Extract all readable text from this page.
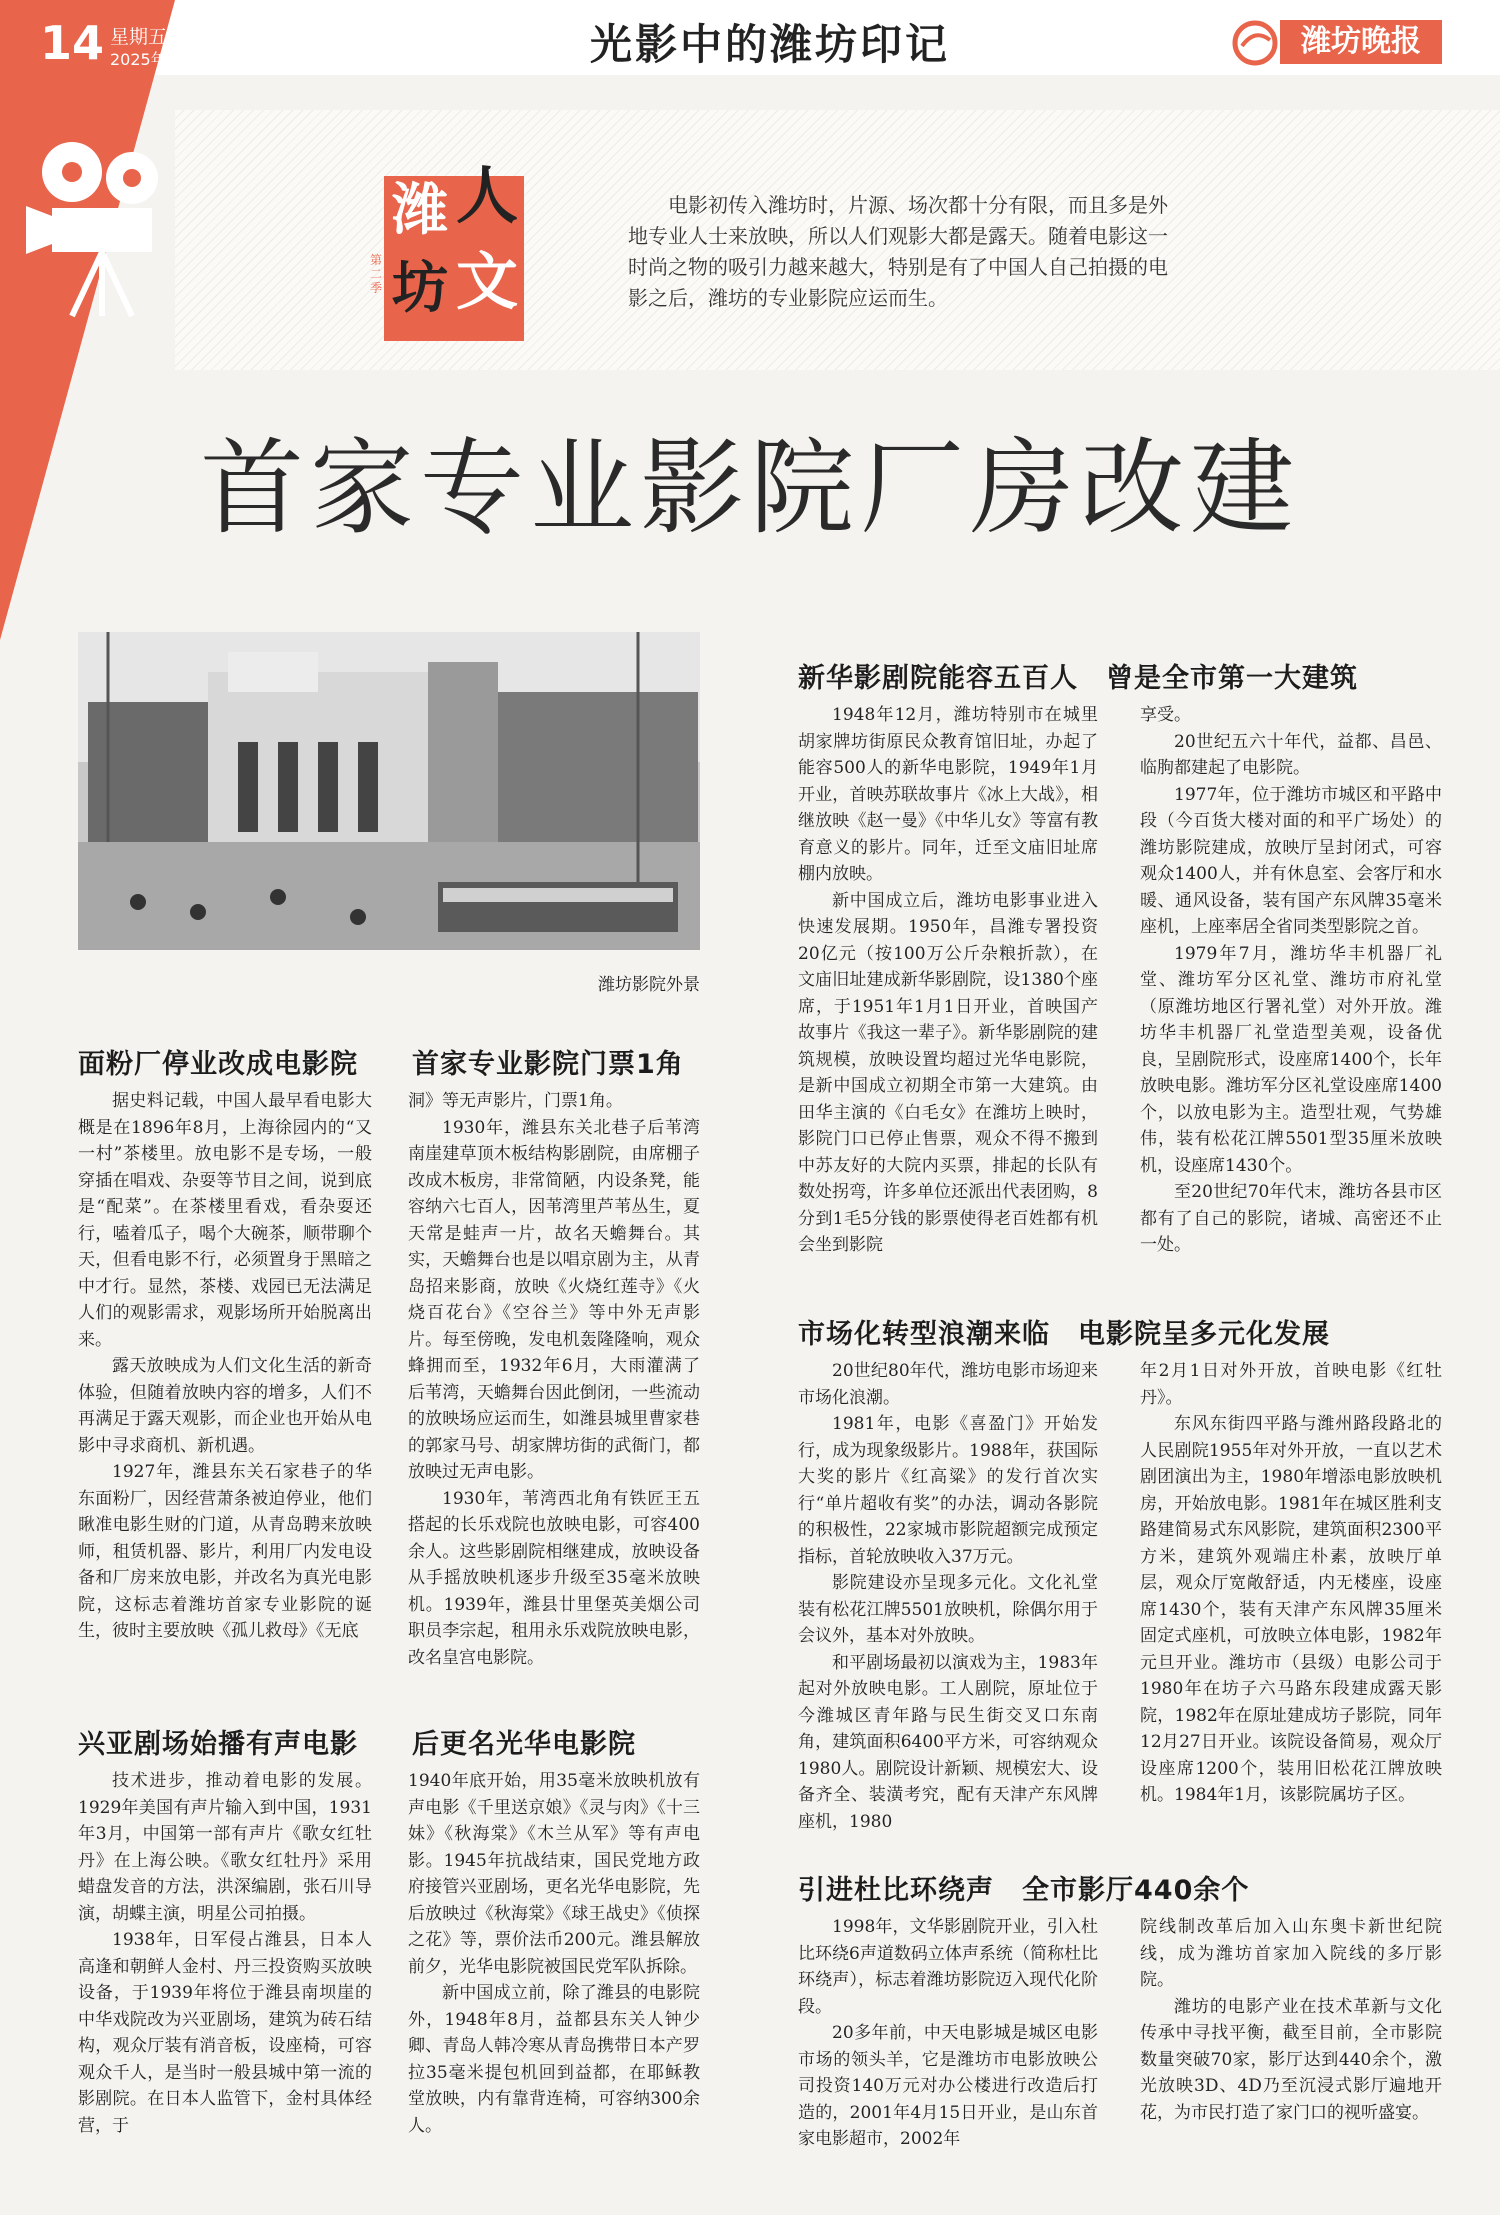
14 星期五
2025年7月4日	光影中的潍坊印记	潍坊晚报
潍 人
坊 文
第二季
电影初传入潍坊时，片源、场次都十分有限，而且多是外地专业人士来放映，所以人们观影大都是露天。随着电影这一时尚之物的吸引力越来越大，特别是有了中国人自己拍摄的电影之后，潍坊的专业影院应运而生。
首家专业影院厂房改建
潍坊影院外景
面粉厂停业改成电影院 首家专业影院门票1角

据史料记载，中国人最早看电影大概是在1896年8月，上海徐园内的“又一村”茶楼里。放电影不是专场，一般穿插在唱戏、杂耍等节目之间，说到底是“配菜”。在茶楼里看戏，看杂耍还行，嗑着瓜子，喝个大碗茶，顺带聊个天，但看电影不行，必须置身于黑暗之中才行。显然，茶楼、戏园已无法满足人们的观影需求，观影场所开始脱离出来。

露天放映成为人们文化生活的新奇体验，但随着放映内容的增多，人们不再满足于露天观影，而企业也开始从电影中寻求商机、新机遇。

1927年，潍县东关石家巷子的华东面粉厂，因经营萧条被迫停业，他们瞅准电影生财的门道，从青岛聘来放映师，租赁机器、影片，利用厂内发电设备和厂房来放电影，并改名为真光电影院，这标志着潍坊首家专业影院的诞生，彼时主要放映《孤儿救母》《无底

洞》等无声影片，门票1角。

1930年，潍县东关北巷子后苇湾南崖建草顶木板结构影剧院，由席棚子改成木板房，非常简陋，内设条凳，能容纳六七百人，因苇湾里芦苇丛生，夏天常是蛙声一片，故名天蟾舞台。其实，天蟾舞台也是以唱京剧为主，从青岛招来影商，放映《火烧红莲寺》《火烧百花台》《空谷兰》等中外无声影片。每至傍晚，发电机轰隆隆响，观众蜂拥而至，1932年6月，大雨灌满了后苇湾，天蟾舞台因此倒闭，一些流动的放映场应运而生，如潍县城里曹家巷的郭家马号、胡家牌坊街的武衙门，都放映过无声电影。

1930年，苇湾西北角有铁匠王五搭起的长乐戏院也放映电影，可容400余人。这些影剧院相继建成，放映设备从手摇放映机逐步升级至35毫米放映机。1939年，潍县廿里堡英美烟公司职员李宗起，租用永乐戏院放映电影，改名皇宫电影院。

兴亚剧场始播有声电影 后更名光华电影院

技术进步，推动着电影的发展。1929年美国有声片输入到中国，1931年3月，中国第一部有声片《歌女红牡丹》在上海公映。《歌女红牡丹》采用蜡盘发音的方法，洪深编剧，张石川导演，胡蝶主演，明星公司拍摄。

1938年，日军侵占潍县，日本人高逢和朝鲜人金村、丹三投资购买放映设备，于1939年将位于潍县南坝崖的中华戏院改为兴亚剧场，建筑为砖石结构，观众厅装有消音板，设座椅，可容观众千人，是当时一般县城中第一流的影剧院。在日本人监管下，金村具体经营，于

1940年底开始，用35毫米放映机放有声电影《千里送京娘》《灵与肉》《十三妹》《秋海棠》《木兰从军》等有声电影。1945年抗战结束，国民党地方政府接管兴亚剧场，更名光华电影院，先后放映过《秋海棠》《球王战史》《侦探之花》等，票价法币200元。潍县解放前夕，光华电影院被国民党军队拆除。

新中国成立前，除了潍县的电影院外，1948年8月，益都县东关人钟少卿、青岛人韩冷寒从青岛携带日本产罗拉35毫米提包机回到益都，在耶稣教堂放映，内有靠背连椅，可容纳300余人。

新华影剧院能容五百人　曾是全市第一大建筑

1948年12月，潍坊特别市在城里胡家牌坊街原民众教育馆旧址，办起了能容500人的新华电影院，1949年1月开业，首映苏联故事片《冰上大战》，相继放映《赵一曼》《中华儿女》等富有教育意义的影片。同年，迁至文庙旧址席棚内放映。

新中国成立后，潍坊电影事业进入快速发展期。1950年，昌潍专署投资20亿元（按100万公斤杂粮折款），在文庙旧址建成新华影剧院，设1380个座席，于1951年1月1日开业，首映国产故事片《我这一辈子》。新华影剧院的建筑规模，放映设置均超过光华电影院，是新中国成立初期全市第一大建筑。由田华主演的《白毛女》在潍坊上映时，影院门口已停止售票，观众不得不搬到中苏友好的大院内买票，排起的长队有数处拐弯，许多单位还派出代表团购，8分到1毛5分钱的影票使得老百姓都有机会坐到影院

享受。

20世纪五六十年代，益都、昌邑、临朐都建起了电影院。

1977年，位于潍坊市城区和平路中段（今百货大楼对面的和平广场处）的潍坊影院建成，放映厅呈封闭式，可容观众1400人，并有休息室、会客厅和水暖、通风设备，装有国产东风牌35毫米座机，上座率居全省同类型影院之首。

1979年7月，潍坊华丰机器厂礼堂、潍坊军分区礼堂、潍坊市府礼堂（原潍坊地区行署礼堂）对外开放。潍坊华丰机器厂礼堂造型美观，设备优良，呈剧院形式，设座席1400个，长年放映电影。潍坊军分区礼堂设座席1400个，以放电影为主。造型壮观，气势雄伟，装有松花江牌5501型35厘米放映机，设座席1430个。

至20世纪70年代末，潍坊各县市区都有了自己的影院，诸城、高密还不止一处。

市场化转型浪潮来临　电影院呈多元化发展

20世纪80年代，潍坊电影市场迎来市场化浪潮。

1981年，电影《喜盈门》开始发行，成为现象级影片。1988年，获国际大奖的影片《红高粱》的发行首次实行“单片超收有奖”的办法，调动各影院的积极性，22家城市影院超额完成预定指标，首轮放映收入37万元。

影院建设亦呈现多元化。文化礼堂装有松花江牌5501放映机，除偶尔用于会议外，基本对外放映。

和平剧场最初以演戏为主，1983年起对外放映电影。工人剧院，原址位于今潍城区青年路与民生街交叉口东南角，建筑面积6400平方米，可容纳观众1980人。剧院设计新颖、规模宏大、设备齐全、装潢考究，配有天津产东风牌座机，1980

年2月1日对外开放，首映电影《红牡丹》。

东风东街四平路与潍州路段路北的人民剧院1955年对外开放，一直以艺术剧团演出为主，1980年增添电影放映机房，开始放电影。1981年在城区胜利支路建简易式东风影院，建筑面积2300平方米，建筑外观端庄朴素，放映厅单层，观众厅宽敞舒适，内无楼座，设座席1430个，装有天津产东风牌35厘米固定式座机，可放映立体电影，1982年元旦开业。潍坊市（县级）电影公司于1980年在坊子六马路东段建成露天影院，1982年在原址建成坊子影院，同年12月27日开业。该院设备简易，观众厅设座席1200个，装用旧松花江牌放映机。1984年1月，该影院属坊子区。

引进杜比环绕声　全市影厅440余个

1998年，文华影剧院开业，引入杜比环绕6声道数码立体声系统（简称杜比环绕声），标志着潍坊影院迈入现代化阶段。

20多年前，中天电影城是城区电影市场的领头羊，它是潍坊市电影放映公司投资140万元对办公楼进行改造后打造的，2001年4月15日开业，是山东首家电影超市，2002年

院线制改革后加入山东奥卡新世纪院线，成为潍坊首家加入院线的多厅影院。

潍坊的电影产业在技术革新与文化传承中寻找平衡，截至目前，全市影院数量突破70家，影厅达到440余个，激光放映3D、4D乃至沉浸式影厅遍地开花，为市民打造了家门口的视听盛宴。
